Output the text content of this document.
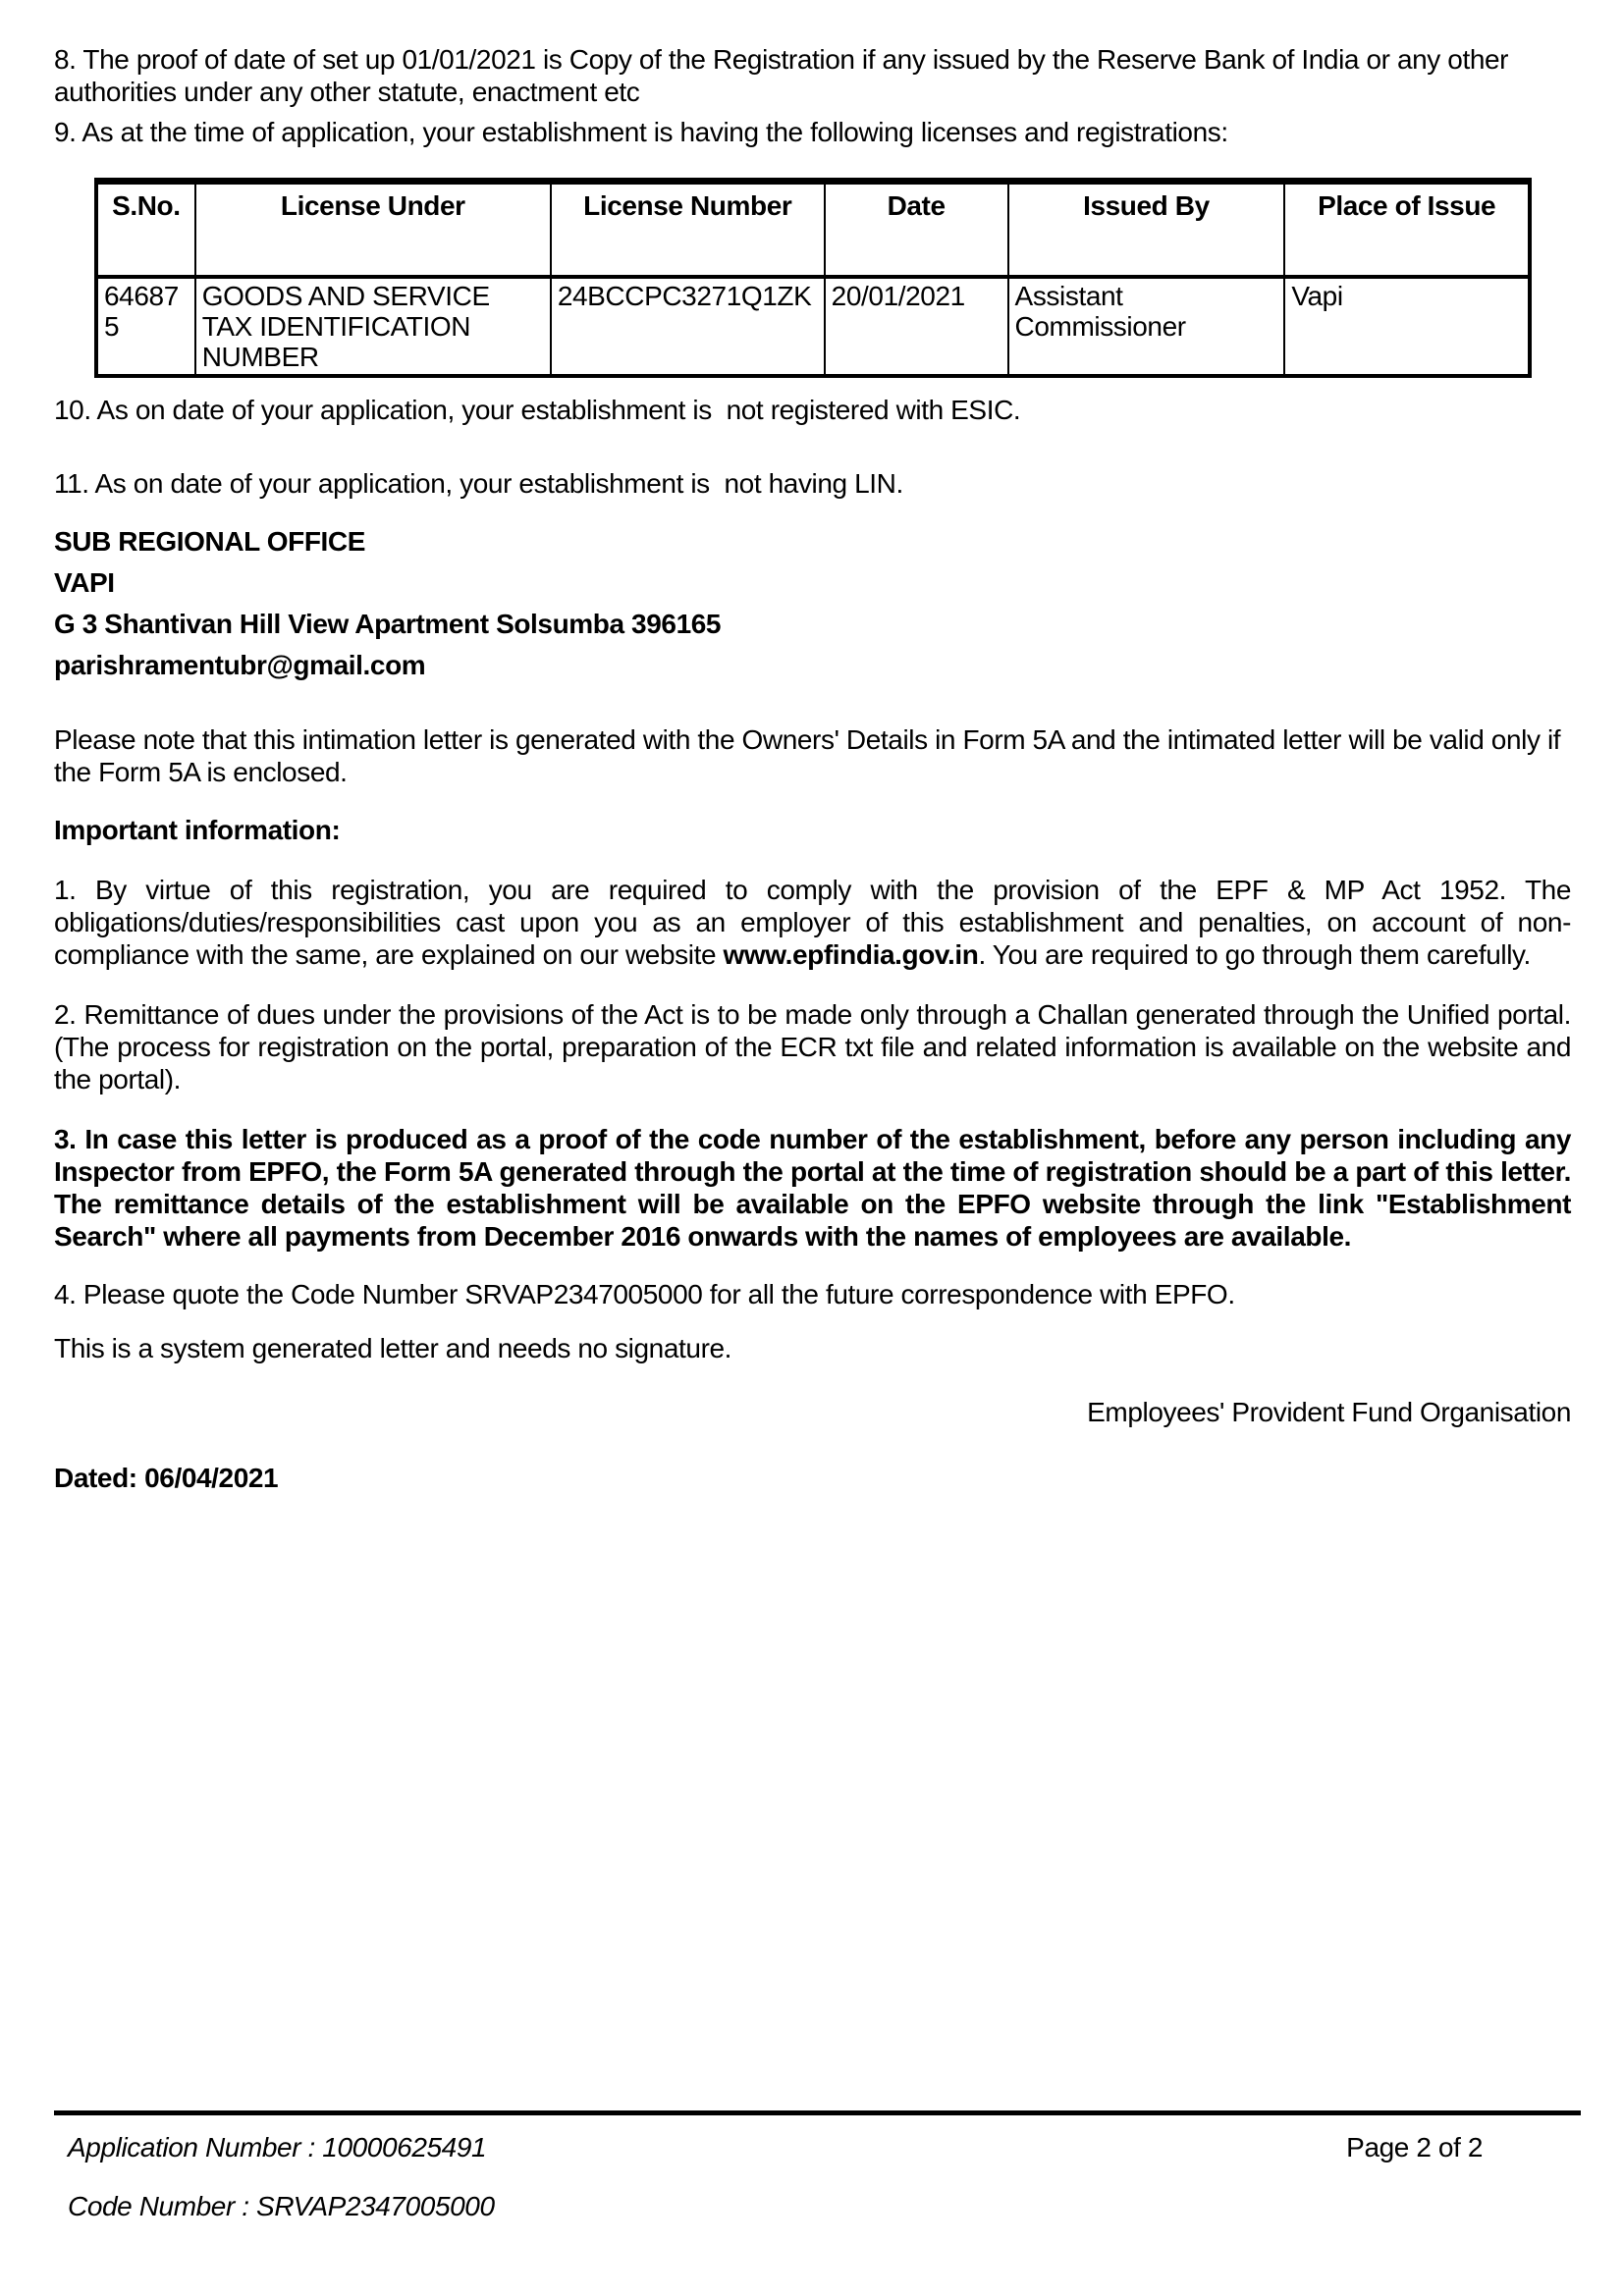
8. The proof of date of set up 01/01/2021 is Copy of the Registration if any issued by the Reserve Bank of India or any other authorities under any other statute, enactment etc

9. As at the time of application, your establishment is having the following licenses and registrations:

S.No.	License Under	License Number	Date	Issued By	Place of Issue
646875	GOODS AND SERVICE TAX IDENTIFICATION NUMBER	24BCCPC3271Q1ZK	20/01/2021	Assistant Commissioner	Vapi

10. As on date of your application, your establishment is  not registered with ESIC.

11. As on date of your application, your establishment is  not having LIN.

SUB REGIONAL OFFICE

VAPI

G 3 Shantivan Hill View Apartment Solsumba 396165

parishramentubr@gmail.com

Please note that this intimation letter is generated with the Owners' Details in Form 5A and the intimated letter will be valid only if the Form 5A is enclosed.

Important information:

1. By virtue of this registration, you are required to comply with the provision of the EPF & MP Act 1952. The obligations/duties/responsibilities cast upon you as an employer of this establishment and penalties, on account of non-compliance with the same, are explained on our website www.epfindia.gov.in. You are required to go through them carefully.

2. Remittance of dues under the provisions of the Act is to be made only through a Challan generated through the Unified portal. (The process for registration on the portal, preparation of the ECR txt file and related information is available on the website and the portal).

3. In case this letter is produced as a proof of the code number of the establishment, before any person including any Inspector from EPFO, the Form 5A generated through the portal at the time of registration should be a part of this letter. The remittance details of the establishment will be available on the EPFO website through the link "Establishment Search" where all payments from December 2016 onwards with the names of employees are available.

4. Please quote the Code Number SRVAP2347005000 for all the future correspondence with EPFO.

This is a system generated letter and needs no signature.

Employees' Provident Fund Organisation

Dated: 06/04/2021

Application Number : 10000625491	Page 2 of 2
Code Number : SRVAP2347005000
